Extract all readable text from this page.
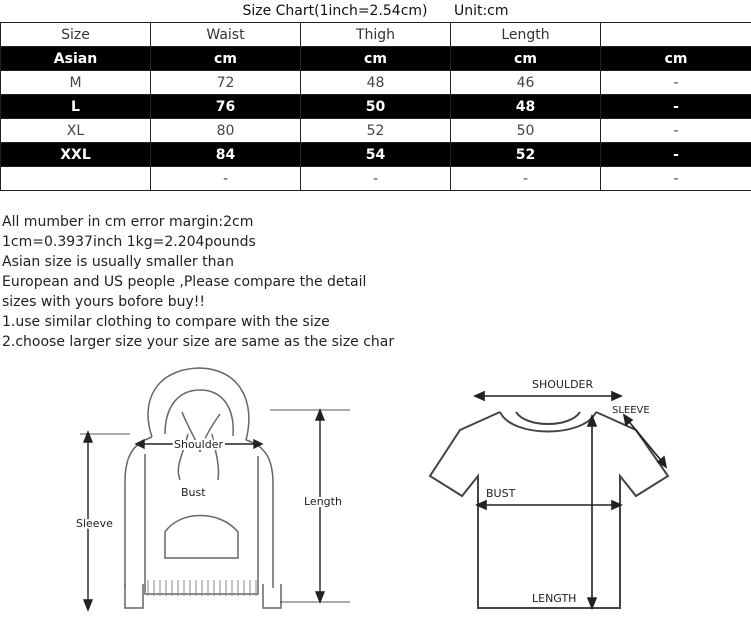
Size Chart(1inch=2.54cm) Unit:cm
Size	Waist	Thigh	Length	
Asian	cm	cm	cm	cm
M	72	48	46	-
L	76	50	48	-
XL	80	52	50	-
XXL	84	54	52	-
	-	-	-	-
All mumber in cm error margin:2cm
1cm=0.3937inch 1kg=2.204pounds
Asian size is usually smaller than
European and US people ,Please compare the detail
sizes with yours bofore buy!!
1.use similar clothing to compare with the size
2.choose larger size your size are same as the size char
Shoulder
Bust
Length
Sleeve
SHOULDER
SLEEVE
BUST
LENGTH
